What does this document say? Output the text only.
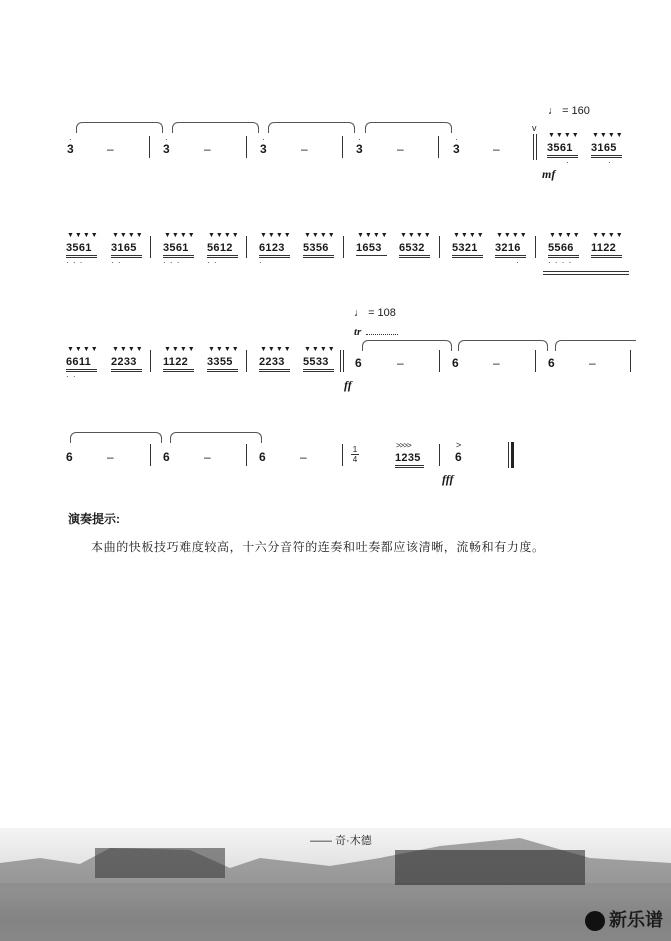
·
3	–
·
3	–
·
3	–
·
3	–
·
3	–
♩ = 160
v
▼▼▼▼
3561
·
▼▼▼▼
3165
·
mf
▼▼▼▼
3561
· · ·
▼▼▼▼
3165
· ·
▼▼▼▼
3561
· · ·
▼▼▼▼
5612
· ·
▼▼▼▼
6123
·
▼▼▼▼
5356
▼▼▼▼
1653
▼▼▼▼
6532
▼▼▼▼
5321
▼▼▼▼
3216
·
▼▼▼▼
5566
· · · ·
▼▼▼▼
1122
▼▼▼▼
6611
· ·
▼▼▼▼
2233
▼▼▼▼
1122
▼▼▼▼
3355
▼▼▼▼
2233
▼▼▼▼
5533
♩ = 108
tr
6	–	6	–	6	–
ff
6	–	6	–	6	–
1
4
>>>>
1235
>
6
fff
演奏提示:
本曲的快板技巧难度较高，十六分音符的连奏和吐奏都应该清晰，流畅和有力度。
—— 奇·木德
新乐谱
